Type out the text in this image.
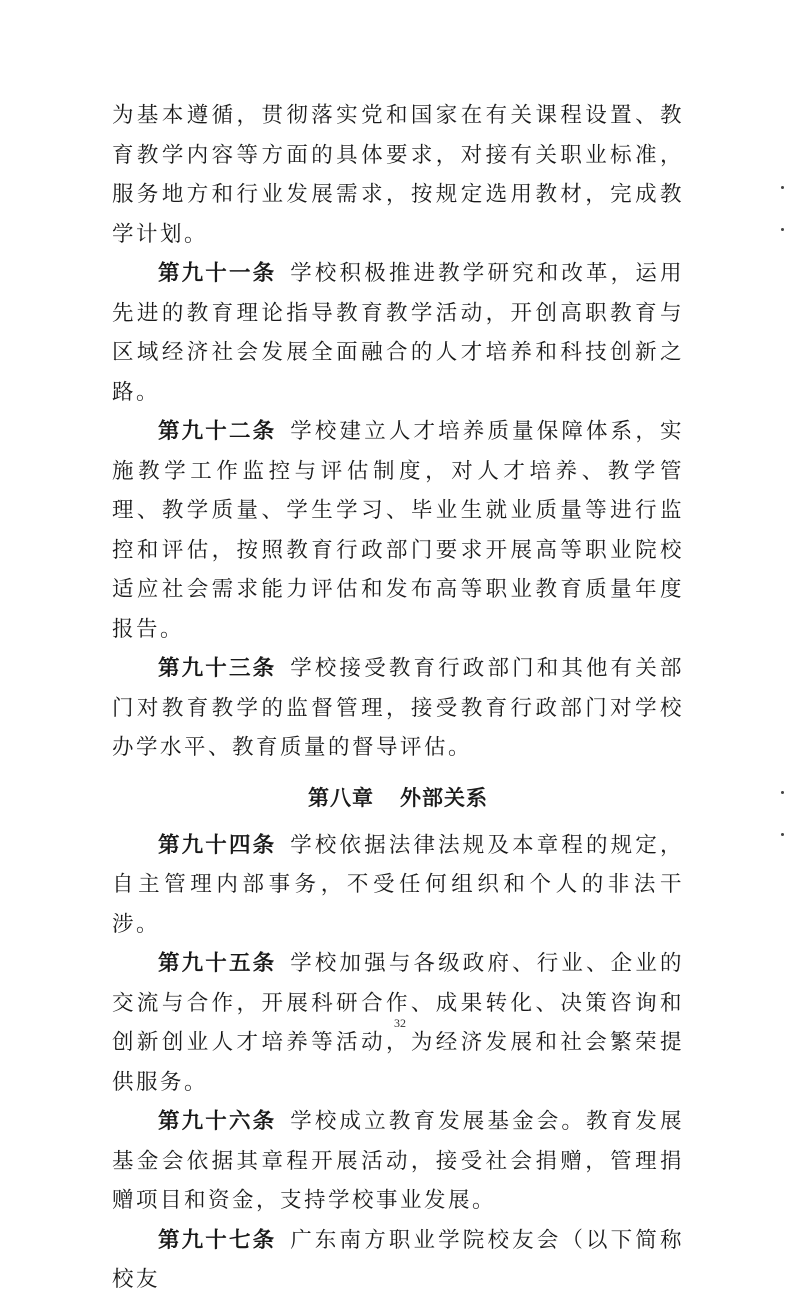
为基本遵循，贯彻落实党和国家在有关课程设置、教育教学内容等方面的具体要求，对接有关职业标准，服务地方和行业发展需求，按规定选用教材，完成教学计划。

第九十一条 学校积极推进教学研究和改革，运用先进的教育理论指导教育教学活动，开创高职教育与区域经济社会发展全面融合的人才培养和科技创新之路。

第九十二条 学校建立人才培养质量保障体系，实施教学工作监控与评估制度，对人才培养、教学管理、教学质量、学生学习、毕业生就业质量等进行监控和评估，按照教育行政部门要求开展高等职业院校适应社会需求能力评估和发布高等职业教育质量年度报告。

第九十三条 学校接受教育行政部门和其他有关部门对教育教学的监督管理，接受教育行政部门对学校办学水平、教育质量的督导评估。

第八章 外部关系

第九十四条 学校依据法律法规及本章程的规定，自主管理内部事务，不受任何组织和个人的非法干涉。

第九十五条 学校加强与各级政府、行业、企业的交流与合作，开展科研合作、成果转化、决策咨询和创新创业人才培养等活动，为经济发展和社会繁荣提供服务。

第九十六条 学校成立教育发展基金会。教育发展基金会依据其章程开展活动，接受社会捐赠，管理捐赠项目和资金，支持学校事业发展。

第九十七条 广东南方职业学院校友会（以下简称校友

32
